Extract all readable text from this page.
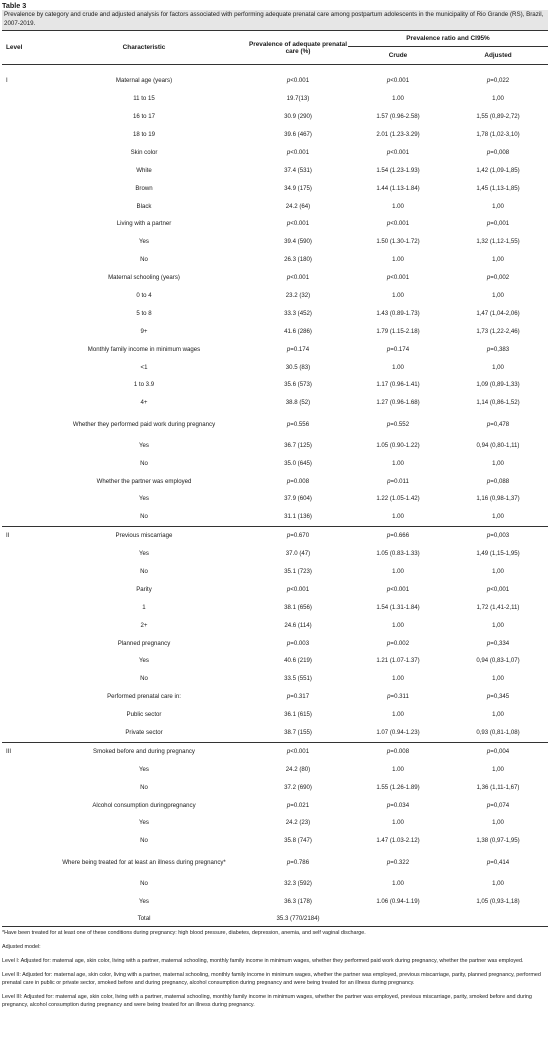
Table 3
Prevalence by category and crude and adjusted analysis for factors associated with performing adequate prenatal care among postpartum adolescents in the municipality of Rio Grande (RS), Brazil, 2007-2019.
Level	Characteristic	Prevalence of adequate prenatal care (%)	Prevalence ratio and CI95%	
			Crude	Adjusted
I	Maternal age (years)	p<0.001	p<0.001	p=0,022
	11 to 15	19.7(13)	1.00	1,00
	16 to 17	30.9 (290)	1.57 (0.96-2.58)	1,55 (0,89-2,72)
	18 to 19	39.6 (467)	2.01 (1.23-3.29)	1,78 (1,02-3,10)
	Skin color	p<0.001	p<0.001	p=0,008
	White	37.4 (531)	1.54 (1.23-1.93)	1,42 (1,09-1,85)
	Brown	34.9 (175)	1.44 (1.13-1.84)	1,45 (1,13-1,85)
	Black	24.2 (64)	1.00	1,00
	Living with a partner	p<0.001	p<0.001	p=0,001
	Yes	39.4 (590)	1.50 (1.30-1.72)	1,32 (1,12-1,55)
	No	26.3 (180)	1.00	1,00
	Maternal schooling (years)	p<0.001	p<0.001	p=0,002
	0 to 4	23.2 (32)	1.00	1,00
	5 to 8	33.3 (452)	1.43 (0.89-1.73)	1,47 (1,04-2,06)
	9+	41.6 (286)	1.79 (1.15-2.18)	1,73 (1,22-2,46)
	Monthly family income in minimum wages	p=0.174	p=0.174	p=0,383
	<1	30.5 (83)	1.00	1,00
	1 to 3.9	35.6 (573)	1.17 (0.96-1.41)	1,09 (0,89-1,33)
	4+	38.8 (52)	1.27 (0.96-1.68)	1,14 (0,86-1,52)
	Whether they performed paid work during pregnancy	p=0.556	p=0.552	p=0,478
	Yes	36.7 (125)	1.05 (0.90-1.22)	0,94 (0,80-1,11)
	No	35.0 (645)	1.00	1,00
	Whether the partner was employed	p=0.008	p=0.011	p=0,088
	Yes	37.9 (604)	1.22 (1.05-1.42)	1,16 (0,98-1,37)
	No	31.1 (136)	1.00	1,00
II	Previous miscarriage	p=0.670	p=0.666	p=0,003
	Yes	37.0 (47)	1.05 (0.83-1.33)	1,49 (1,15-1,95)
	No	35.1 (723)	1.00	1,00
	Parity	p<0.001	p<0.001	p<0,001
	1	38.1 (656)	1.54 (1.31-1.84)	1,72 (1,41-2,11)
	2+	24.6 (114)	1.00	1,00
	Planned pregnancy	p=0.003	p=0.002	p=0,334
	Yes	40.6 (219)	1.21 (1.07-1.37)	0,94 (0,83-1,07)
	No	33.5 (551)	1.00	1,00
	Performed prenatal care in:	p=0.317	p=0.311	p=0,345
	Public sector	36.1 (615)	1.00	1,00
	Private sector	38.7 (155)	1.07 (0.94-1.23)	0,93 (0,81-1,08)
III	Smoked before and during pregnancy	p<0.001	p=0.008	p=0,004
	Yes	24.2 (80)	1.00	1,00
	No	37.2 (690)	1.55 (1.26-1.89)	1,36 (1,11-1,67)
	Alcohol consumption duringpregnancy	p=0.021	p=0.034	p=0,074
	Yes	24.2 (23)	1.00	1,00
	No	35.8 (747)	1.47 (1.03-2.12)	1,38 (0,97-1,95)
	Where being treated for at least an illness during pregnancy*	p=0.786	p=0.322	p=0,414
	No	32.3 (592)	1.00	1,00
	Yes	36.3 (178)	1.06 (0.94-1.19)	1,05 (0,93-1,18)
	Total	35.3 (770/2184)		

*Have been treated for at least one of these conditions during pregnancy: high blood pressure, diabetes, depression, anemia, and self vaginal discharge.

Adjusted model:

Level I: Adjusted for: maternal age, skin color, living with a partner, maternal schooling, monthly family income in minimum wages, whether they performed paid work during pregnancy, whether the partner was employed.

Level II: Adjusted for: maternal age, skin color, living with a partner, maternal schooling, monthly family income in minimum wages, whether the partner was employed, previous miscarriage, parity, planned pregnancy, performed prenatal care in public or private sector, smoked before and during pregnancy, alcohol consumption during pregnancy and were being treated for an illness during pregnancy.

Level III: Adjusted for: maternal age, skin color, living with a partner, maternal schooling, monthly family income in minimum wages, whether the partner was employed, previous miscarriage, parity, smoked before and during pregnancy, alcohol consumption during pregnancy and were being treated for an illness during pregnancy.
